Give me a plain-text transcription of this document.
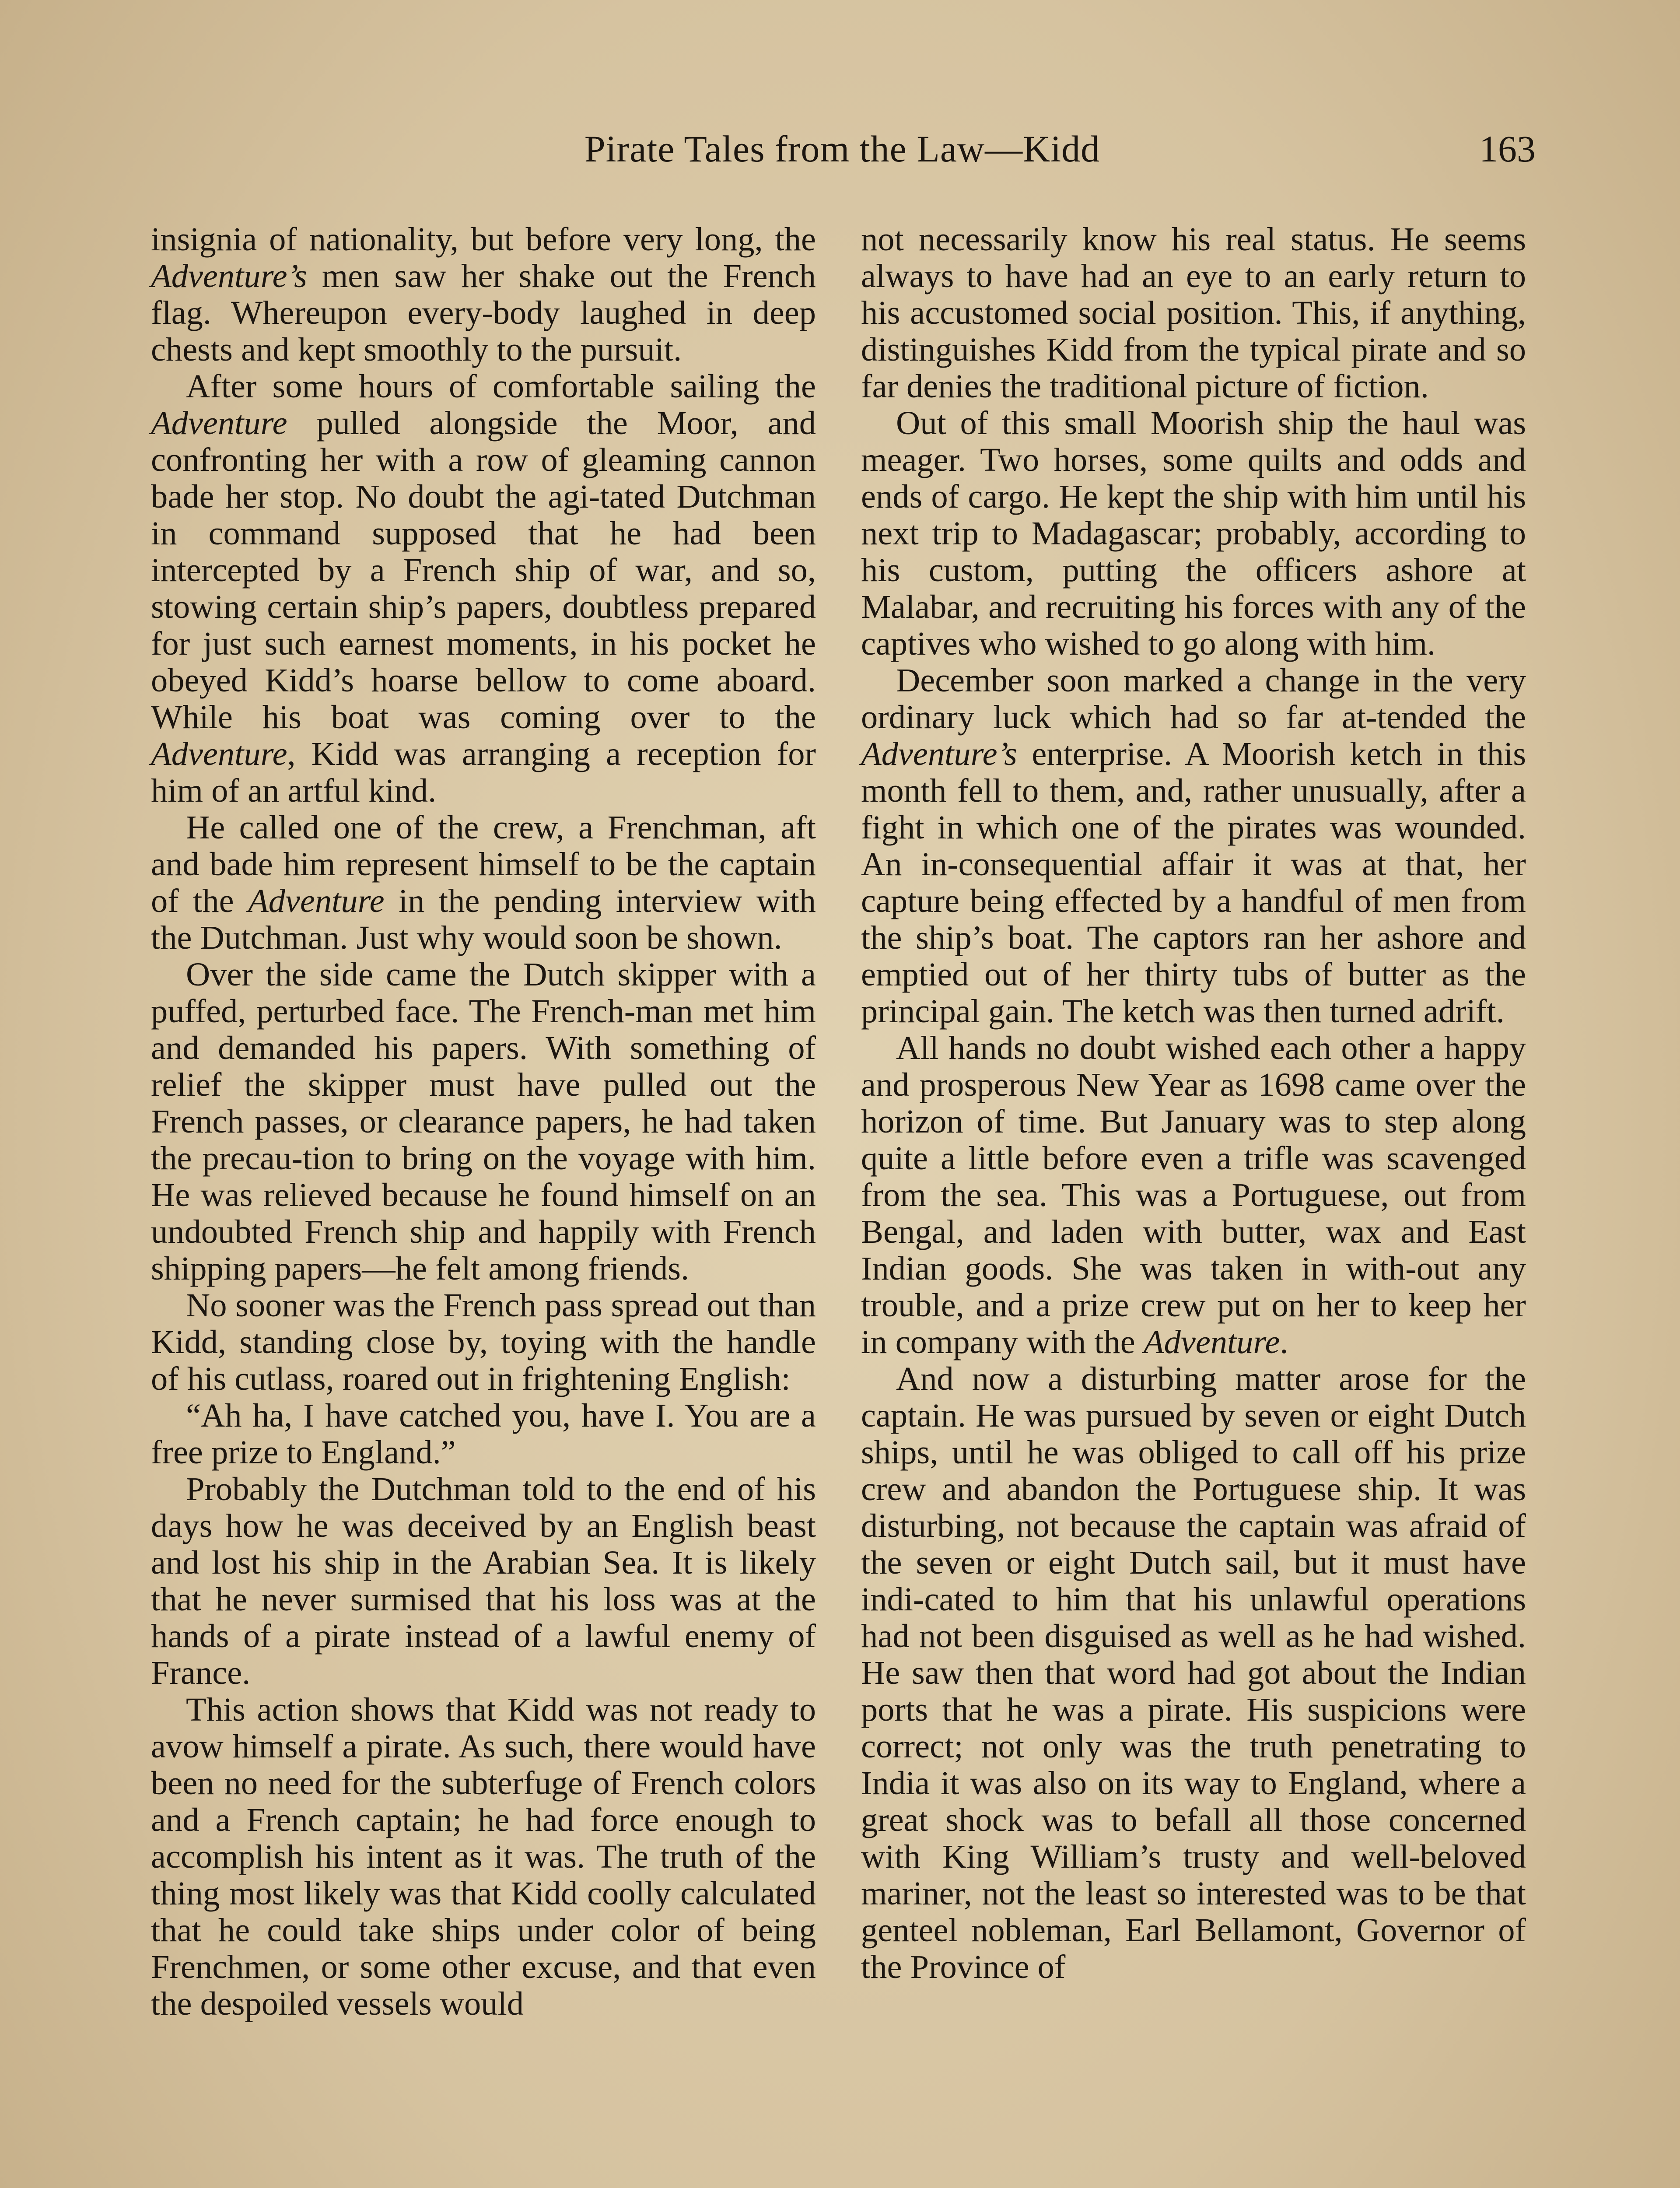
Pirate Tales from the Law—Kidd	163

insignia of nationality, but before very long, the Adventure’s men saw her shake out the French flag. Whereupon every-body laughed in deep chests and kept smoothly to the pursuit.

After some hours of comfortable sailing the Adventure pulled alongside the Moor, and confronting her with a row of gleaming cannon bade her stop. No doubt the agi-tated Dutchman in command supposed that he had been intercepted by a French ship of war, and so, stowing certain ship’s papers, doubtless prepared for just such earnest moments, in his pocket he obeyed Kidd’s hoarse bellow to come aboard. While his boat was coming over to the Adventure, Kidd was arranging a reception for him of an artful kind.

He called one of the crew, a Frenchman, aft and bade him represent himself to be the captain of the Adventure in the pending interview with the Dutchman. Just why would soon be shown.

Over the side came the Dutch skipper with a puffed, perturbed face. The French-man met him and demanded his papers. With something of relief the skipper must have pulled out the French passes, or clearance papers, he had taken the precau-tion to bring on the voyage with him. He was relieved because he found himself on an undoubted French ship and happily with French shipping papers—he felt among friends.

No sooner was the French pass spread out than Kidd, standing close by, toying with the handle of his cutlass, roared out in frightening English:

“Ah ha, I have catched you, have I. You are a free prize to England.”

Probably the Dutchman told to the end of his days how he was deceived by an English beast and lost his ship in the Arabian Sea. It is likely that he never surmised that his loss was at the hands of a pirate instead of a lawful enemy of France.

This action shows that Kidd was not ready to avow himself a pirate. As such, there would have been no need for the subterfuge of French colors and a French captain; he had force enough to accomplish his intent as it was. The truth of the thing most likely was that Kidd coolly calculated that he could take ships under color of being Frenchmen, or some other excuse, and that even the despoiled vessels would

not necessarily know his real status. He seems always to have had an eye to an early return to his accustomed social position. This, if anything, distinguishes Kidd from the typical pirate and so far denies the traditional picture of fiction.

Out of this small Moorish ship the haul was meager. Two horses, some quilts and odds and ends of cargo. He kept the ship with him until his next trip to Madagascar; probably, according to his custom, putting the officers ashore at Malabar, and recruiting his forces with any of the captives who wished to go along with him.

December soon marked a change in the very ordinary luck which had so far at-tended the Adventure’s enterprise. A Moorish ketch in this month fell to them, and, rather unusually, after a fight in which one of the pirates was wounded. An in-consequential affair it was at that, her capture being effected by a handful of men from the ship’s boat. The captors ran her ashore and emptied out of her thirty tubs of butter as the principal gain. The ketch was then turned adrift.

All hands no doubt wished each other a happy and prosperous New Year as 1698 came over the horizon of time. But January was to step along quite a little before even a trifle was scavenged from the sea. This was a Portuguese, out from Bengal, and laden with butter, wax and East Indian goods. She was taken in with-out any trouble, and a prize crew put on her to keep her in company with the Adventure.

And now a disturbing matter arose for the captain. He was pursued by seven or eight Dutch ships, until he was obliged to call off his prize crew and abandon the Portuguese ship. It was disturbing, not because the captain was afraid of the seven or eight Dutch sail, but it must have indi-cated to him that his unlawful operations had not been disguised as well as he had wished. He saw then that word had got about the Indian ports that he was a pirate. His suspicions were correct; not only was the truth penetrating to India it was also on its way to England, where a great shock was to befall all those concerned with King William’s trusty and well-beloved mariner, not the least so interested was to be that genteel nobleman, Earl Bellamont, Governor of the Province of
